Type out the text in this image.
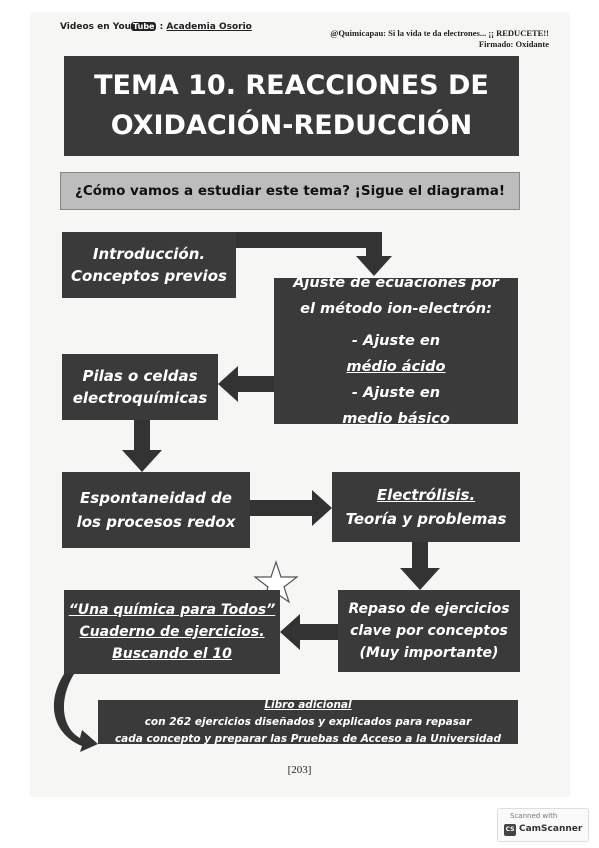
Videos en You Tube : Academia Osorio
@Quimicapau: Si la vida te da electrones... ¡¡ REDUCETE!!
Firmado: Oxidante
TEMA 10. REACCIONES DE
OXIDACIÓN-REDUCCIÓN
¿Cómo vamos a estudiar este tema? ¡Sigue el diagrama!
Introducción.
Conceptos previos	Ajuste de ecuaciones por
el método ion-electrón:
- Ajuste en
médio ácido
- Ajuste en
medio básico
Pilas o celdas
electroquímicas
Espontaneidad de
los procesos redox
Electrólisis.
Teoría y problemas
Repaso de ejercicios
clave por conceptos
(Muy importante)
“Una química para Todos”
Cuaderno de ejercicios.
Buscando el 10
Libro adicional
con 262 ejercicios diseñados y explicados para repasar
cada concepto y preparar las Pruebas de Acceso a la Universidad
[203]
Scanned with
CS CamScanner
